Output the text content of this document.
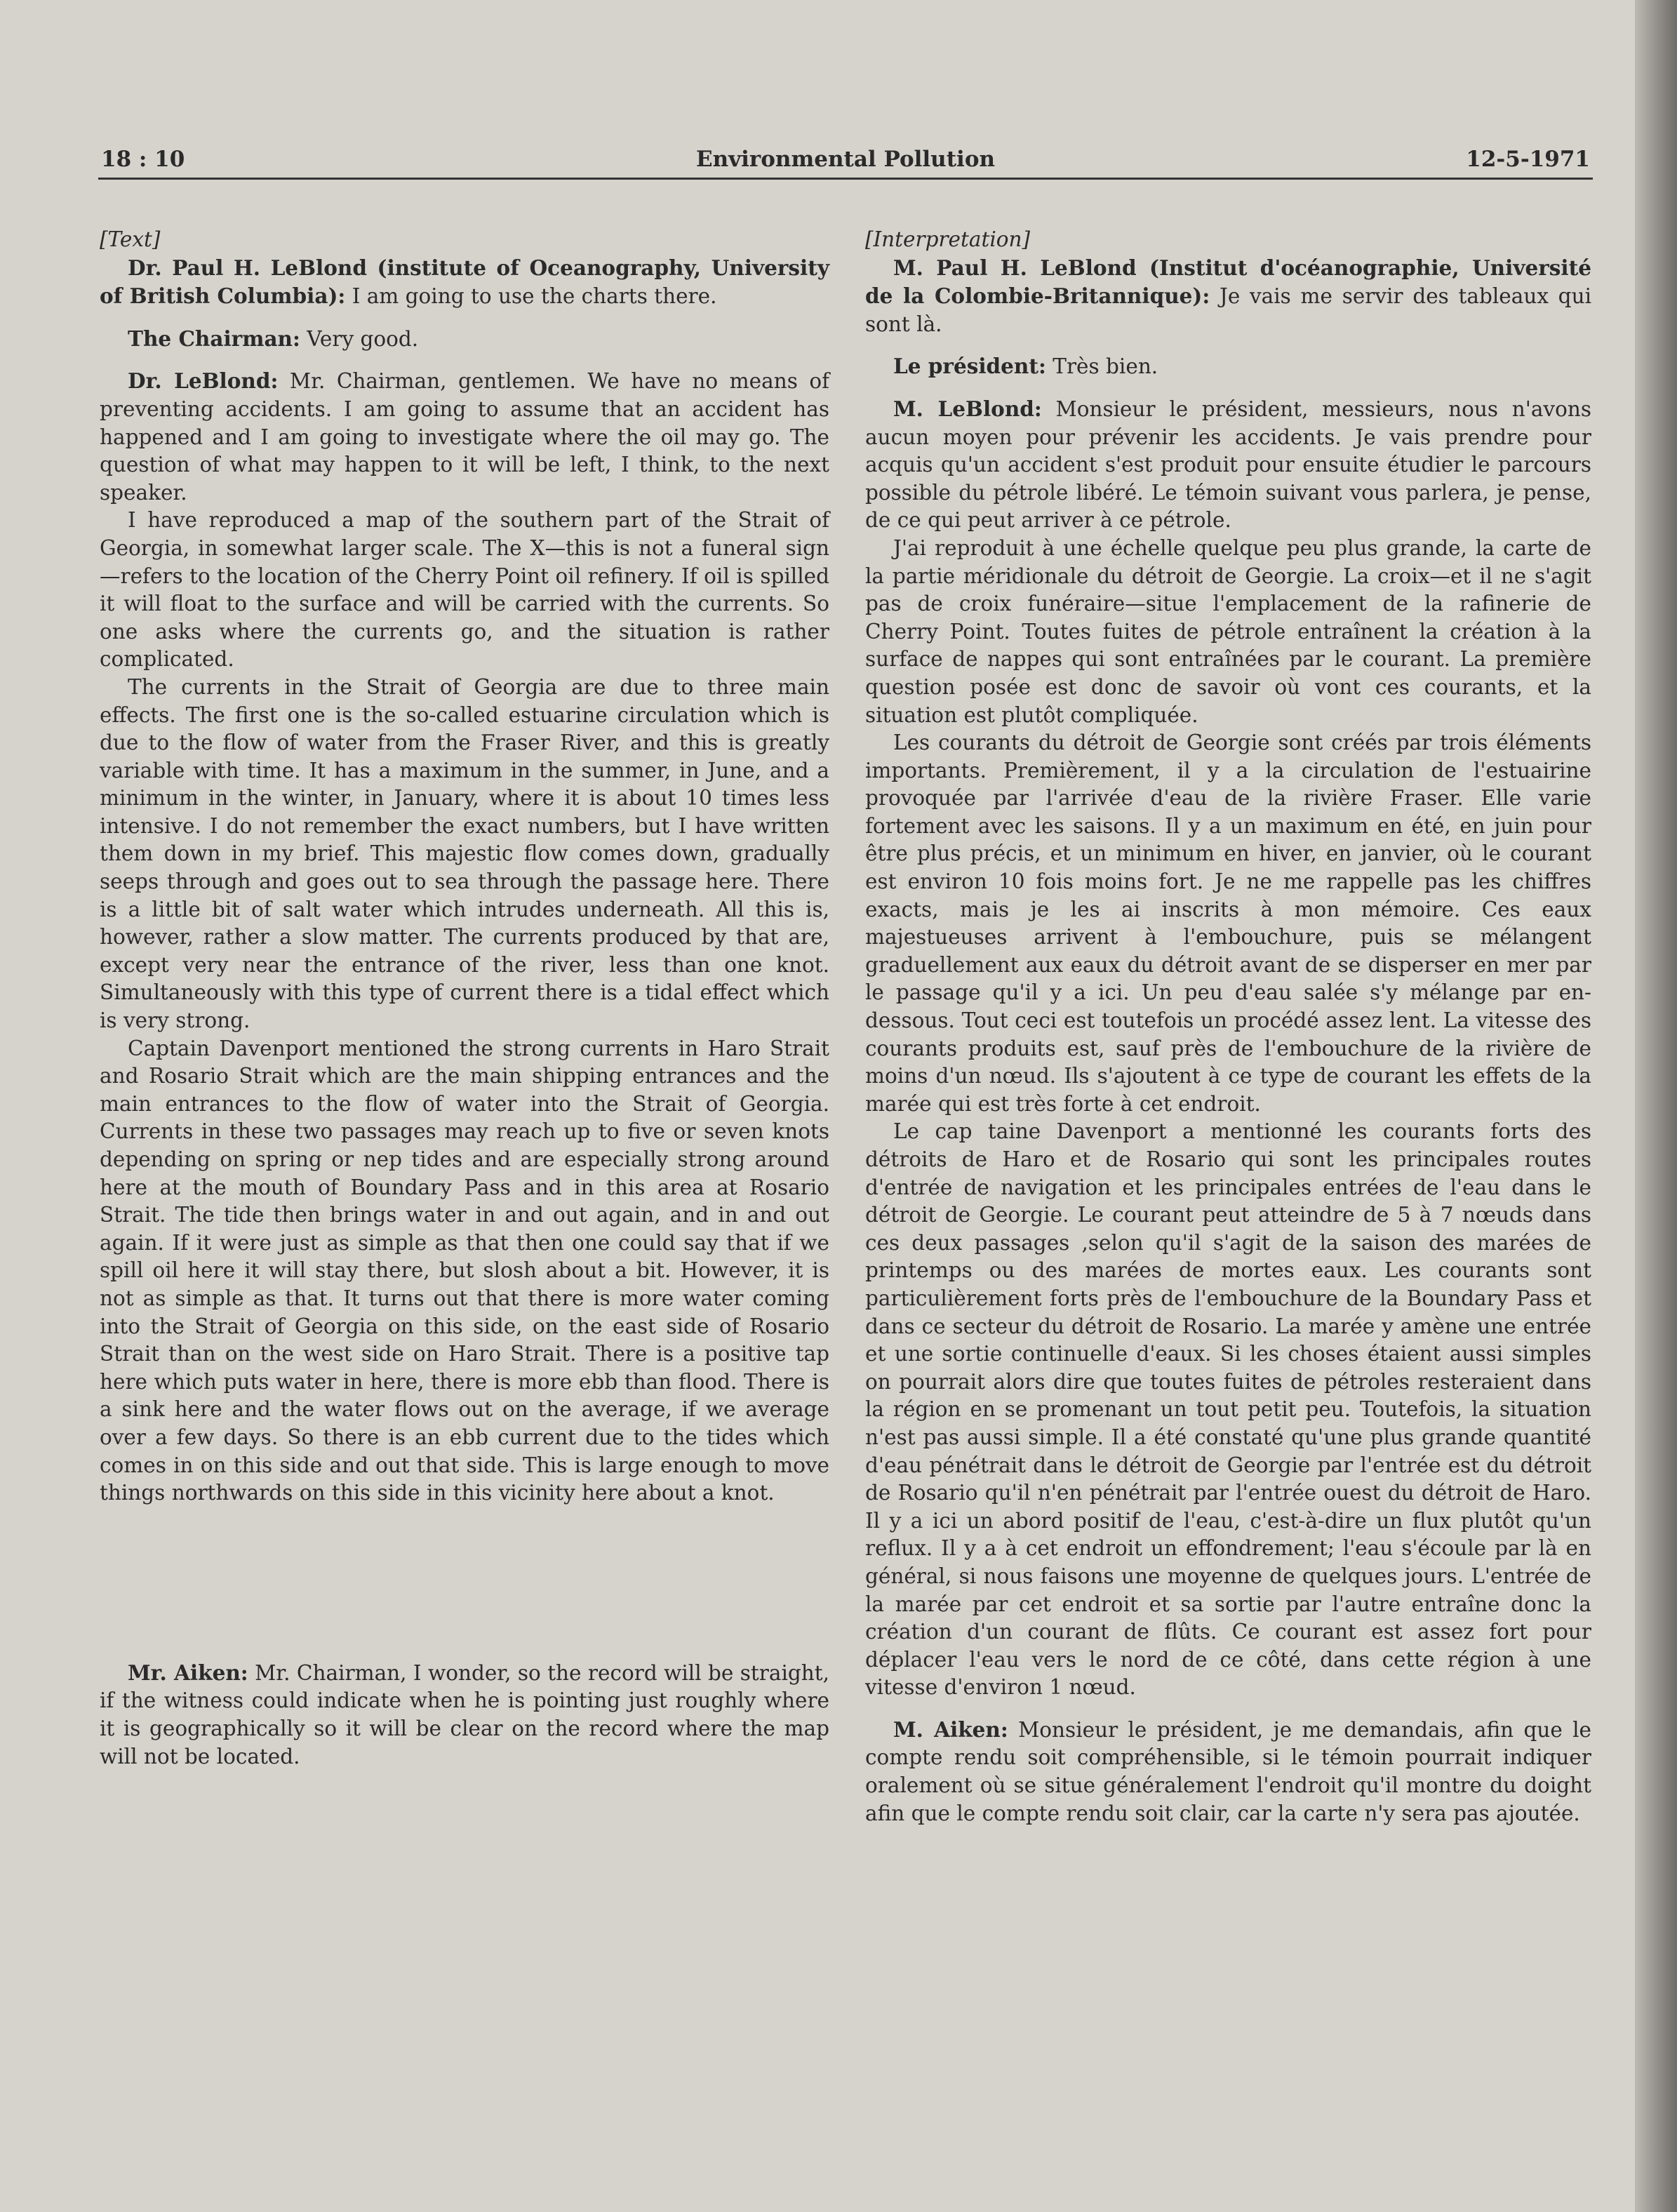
18 : 10	Environmental Pollution	12-5-1971

[Text]

Dr. Paul H. LeBlond (institute of Oceanography, University of British Columbia): I am going to use the charts there.

The Chairman: Very good.

Dr. LeBlond: Mr. Chairman, gentlemen. We have no means of preventing accidents. I am going to assume that an accident has happened and I am going to investigate where the oil may go. The question of what may happen to it will be left, I think, to the next speaker.

I have reproduced a map of the southern part of the Strait of Georgia, in somewhat larger scale. The X—this is not a funeral sign—refers to the location of the Cherry Point oil refinery. If oil is spilled it will float to the surface and will be carried with the currents. So one asks where the currents go, and the situation is rather complicated.

The currents in the Strait of Georgia are due to three main effects. The first one is the so-called estuarine circulation which is due to the flow of water from the Fraser River, and this is greatly variable with time. It has a maximum in the summer, in June, and a minimum in the winter, in January, where it is about 10 times less intensive. I do not remember the exact numbers, but I have written them down in my brief. This majestic flow comes down, gradually seeps through and goes out to sea through the passage here. There is a little bit of salt water which intrudes underneath. All this is, however, rather a slow matter. The currents produced by that are, except very near the entrance of the river, less than one knot. Simultaneously with this type of current there is a tidal effect which is very strong.

Captain Davenport mentioned the strong currents in Haro Strait and Rosario Strait which are the main shipping entrances and the main entrances to the flow of water into the Strait of Georgia. Currents in these two passages may reach up to five or seven knots depending on spring or nep tides and are especially strong around here at the mouth of Boundary Pass and in this area at Rosario Strait. The tide then brings water in and out again, and in and out again. If it were just as simple as that then one could say that if we spill oil here it will stay there, but slosh about a bit. However, it is not as simple as that. It turns out that there is more water coming into the Strait of Georgia on this side, on the east side of Rosario Strait than on the west side on Haro Strait. There is a positive tap here which puts water in here, there is more ebb than flood. There is a sink here and the water flows out on the average, if we average over a few days. So there is an ebb current due to the tides which comes in on this side and out that side. This is large enough to move things northwards on this side in this vicinity here about a knot.

Mr. Aiken: Mr. Chairman, I wonder, so the record will be straight, if the witness could indicate when he is pointing just roughly where it is geographically so it will be clear on the record where the map will not be located.

[Interpretation]

M. Paul H. LeBlond (Institut d'océanographie, Université de la Colombie-Britannique): Je vais me servir des tableaux qui sont là.

Le président: Très bien.

M. LeBlond: Monsieur le président, messieurs, nous n'avons aucun moyen pour prévenir les accidents. Je vais prendre pour acquis qu'un accident s'est produit pour ensuite étudier le parcours possible du pétrole libéré. Le témoin suivant vous parlera, je pense, de ce qui peut arriver à ce pétrole.

J'ai reproduit à une échelle quelque peu plus grande, la carte de la partie méridionale du détroit de Georgie. La croix—et il ne s'agit pas de croix funéraire—situe l'emplacement de la rafinerie de Cherry Point. Toutes fuites de pétrole entraînent la création à la surface de nappes qui sont entraînées par le courant. La première question posée est donc de savoir où vont ces courants, et la situation est plutôt compliquée.

Les courants du détroit de Georgie sont créés par trois éléments importants. Premièrement, il y a la circulation de l'estuairine provoquée par l'arrivée d'eau de la rivière Fraser. Elle varie fortement avec les saisons. Il y a un maximum en été, en juin pour être plus précis, et un minimum en hiver, en janvier, où le courant est environ 10 fois moins fort. Je ne me rappelle pas les chiffres exacts, mais je les ai inscrits à mon mémoire. Ces eaux majestueuses arrivent à l'embouchure, puis se mélangent graduellement aux eaux du détroit avant de se disperser en mer par le passage qu'il y a ici. Un peu d'eau salée s'y mélange par en-dessous. Tout ceci est toutefois un procédé assez lent. La vitesse des courants produits est, sauf près de l'embouchure de la rivière de moins d'un nœud. Ils s'ajoutent à ce type de courant les effets de la marée qui est très forte à cet endroit.

Le cap taine Davenport a mentionné les courants forts des détroits de Haro et de Rosario qui sont les principales routes d'entrée de navigation et les principales entrées de l'eau dans le détroit de Georgie. Le courant peut atteindre de 5 à 7 nœuds dans ces deux passages ,selon qu'il s'agit de la saison des marées de printemps ou des marées de mortes eaux. Les courants sont particulièrement forts près de l'embouchure de la Boundary Pass et dans ce secteur du détroit de Rosario. La marée y amène une entrée et une sortie continuelle d'eaux. Si les choses étaient aussi simples on pourrait alors dire que toutes fuites de pétroles resteraient dans la région en se promenant un tout petit peu. Toutefois, la situation n'est pas aussi simple. Il a été constaté qu'une plus grande quantité d'eau pénétrait dans le détroit de Georgie par l'entrée est du détroit de Rosario qu'il n'en pénétrait par l'entrée ouest du détroit de Haro. Il y a ici un abord positif de l'eau, c'est-à-dire un flux plutôt qu'un reflux. Il y a à cet endroit un effondrement; l'eau s'écoule par là en général, si nous faisons une moyenne de quelques jours. L'entrée de la marée par cet endroit et sa sortie par l'autre entraîne donc la création d'un courant de flûts. Ce courant est assez fort pour déplacer l'eau vers le nord de ce côté, dans cette région à une vitesse d'environ 1 nœud.

M. Aiken: Monsieur le président, je me demandais, afin que le compte rendu soit compréhensible, si le témoin pourrait indiquer oralement où se situe généralement l'endroit qu'il montre du doight afin que le compte rendu soit clair, car la carte n'y sera pas ajoutée.
